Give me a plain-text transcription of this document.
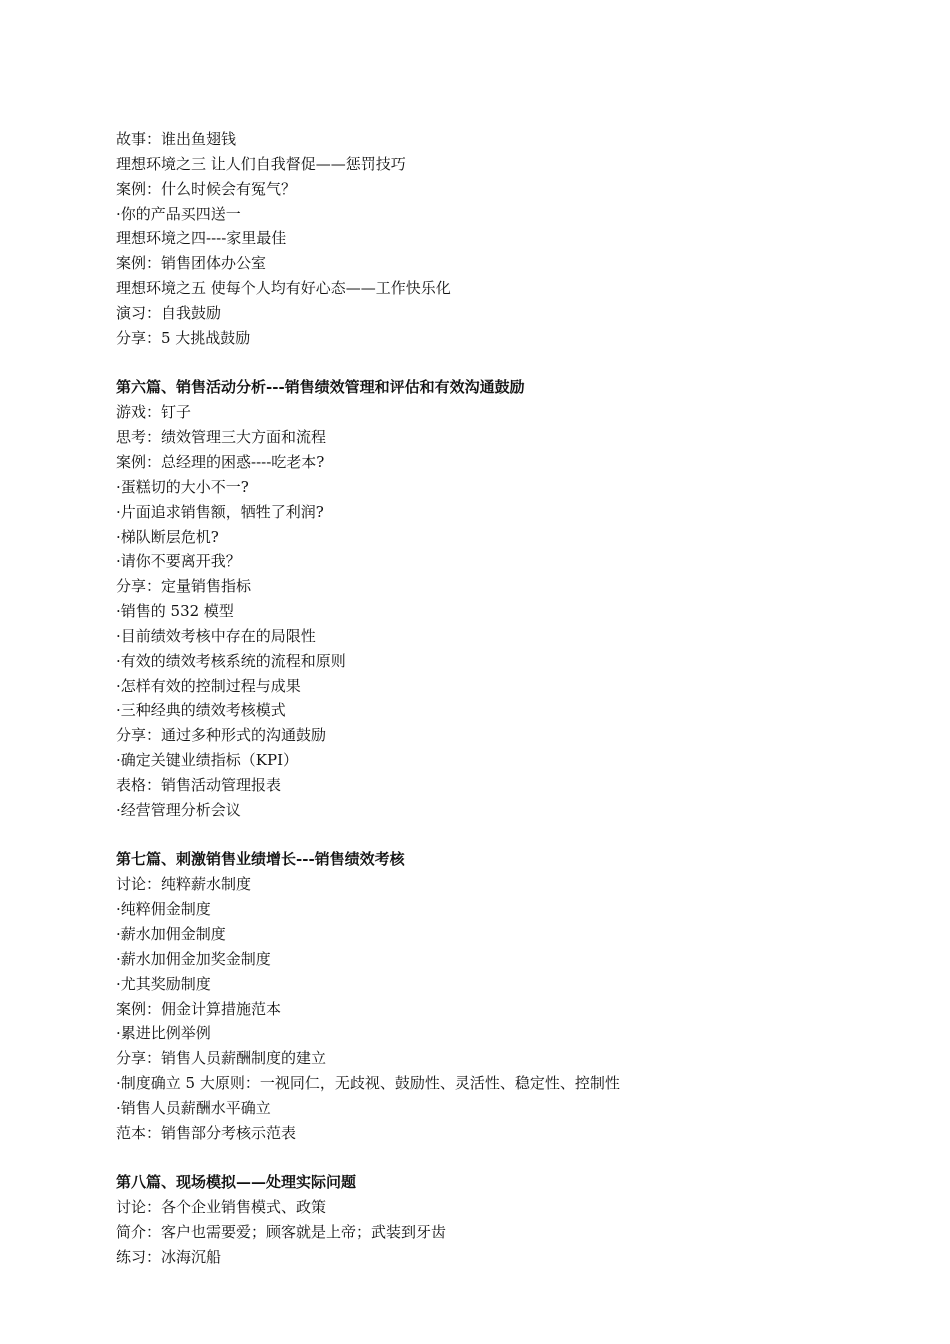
故事：谁出鱼翅钱
理想环境之三 让人们自我督促——惩罚技巧
案例：什么时候会有冤气？
·你的产品买四送一
理想环境之四----家里最佳
案例：销售团体办公室
理想环境之五 使每个人均有好心态——工作快乐化
演习：自我鼓励
分享：5 大挑战鼓励
第六篇、销售活动分析---销售绩效管理和评估和有效沟通鼓励
游戏：钉子
思考：绩效管理三大方面和流程
案例：总经理的困惑----吃老本?
·蛋糕切的大小不一?
·片面追求销售额，牺牲了利润?
·梯队断层危机?
·请你不要离开我？
分享：定量销售指标
·销售的 532 模型
·目前绩效考核中存在的局限性
·有效的绩效考核系统的流程和原则
·怎样有效的控制过程与成果
·三种经典的绩效考核模式
分享：通过多种形式的沟通鼓励
·确定关键业绩指标（KPI）
表格：销售活动管理报表
·经营管理分析会议
第七篇、刺激销售业绩增长---销售绩效考核
讨论：纯粹薪水制度
·纯粹佣金制度
·薪水加佣金制度
·薪水加佣金加奖金制度
·尤其奖励制度
案例：佣金计算措施范本
·累进比例举例
分享：销售人员薪酬制度的建立
·制度确立 5 大原则：一视同仁，无歧视、鼓励性、灵活性、稳定性、控制性
·销售人员薪酬水平确立
范本：销售部分考核示范表
第八篇、现场模拟——处理实际问题
讨论：各个企业销售模式、政策
简介：客户也需要爱；顾客就是上帝；武装到牙齿
练习：冰海沉船
